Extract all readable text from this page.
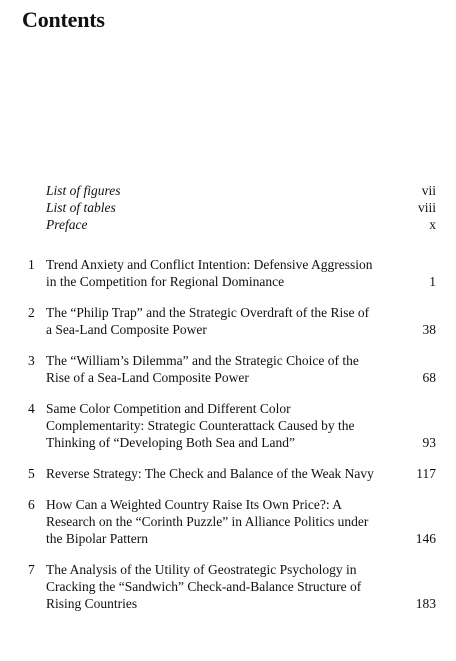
Contents
List of figures	vii
List of tables	viii
Preface	x
1 Trend Anxiety and Conflict Intention: Defensive Aggression in the Competition for Regional Dominance	1
2 The “Philip Trap” and the Strategic Overdraft of the Rise of a Sea-Land Composite Power	38
3 The “William’s Dilemma” and the Strategic Choice of the Rise of a Sea-Land Composite Power	68
4 Same Color Competition and Different Color Complementarity: Strategic Counterattack Caused by the Thinking of “Developing Both Sea and Land”	93
5 Reverse Strategy: The Check and Balance of the Weak Navy	117
6 How Can a Weighted Country Raise Its Own Price?: A Research on the “Corinth Puzzle” in Alliance Politics under the Bipolar Pattern	146
7 The Analysis of the Utility of Geostrategic Psychology in Cracking the “Sandwich” Check-and-Balance Structure of Rising Countries	183
